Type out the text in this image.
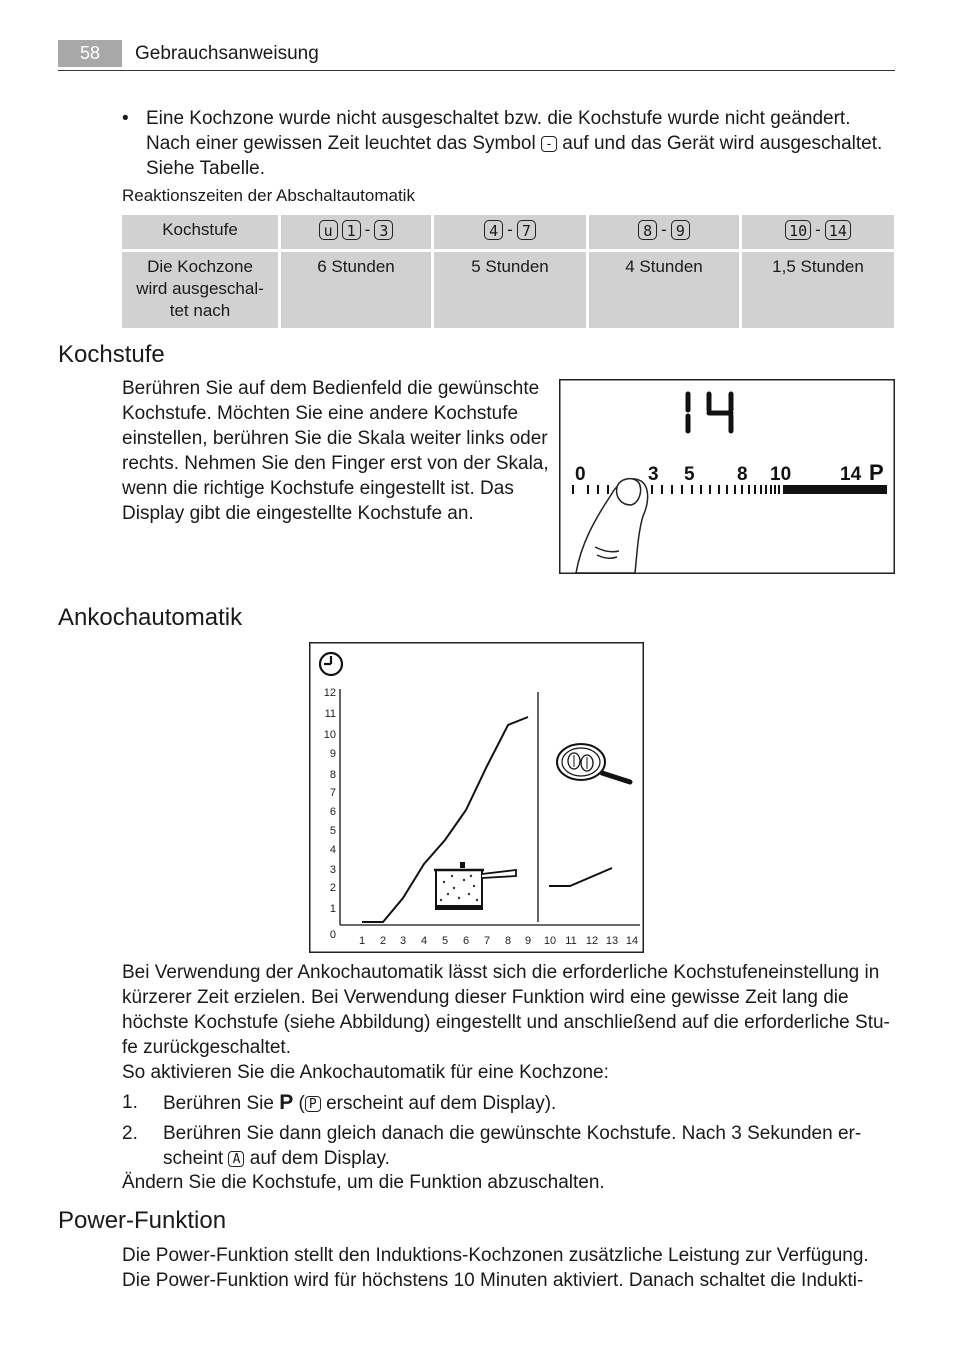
58	Gebrauchsanweisung
• Eine Kochzone wurde nicht ausgeschaltet bzw. die Kochstufe wurde nicht geändert.
Nach einer gewissen Zeit leuchtet das Symbol - auf und das Gerät wird ausgeschaltet.
Siehe Tabelle.
Reaktionszeiten der Abschaltautomatik
Kochstufe	u 1 - 3	4 - 7	8 - 9	10 - 14
Die Kochzone
wird ausgeschal-
tet nach
6 Stunden	5 Stunden	4 Stunden	1,5 Stunden
Kochstufe
Berühren Sie auf dem Bedienfeld die gewünschte
Kochstufe. Möchten Sie eine andere Kochstufe
einstellen, berühren Sie die Skala weiter links oder
rechts. Nehmen Sie den Finger erst von der Skala,
wenn die richtige Kochstufe eingestellt ist. Das
Display gibt die eingestellte Kochstufe an.
0	3 5 8 10	14 P
Ankochautomatik
0
1
2
3
4
5
6
7
8
9
10
11
12
1 2 3 4 5 6 7 8 9 10 11 12 13 14
Bei Verwendung der Ankochautomatik lässt sich die erforderliche Kochstufeneinstellung in
kürzerer Zeit erzielen. Bei Verwendung dieser Funktion wird eine gewisse Zeit lang die
höchste Kochstufe (siehe Abbildung) eingestellt und anschließend auf die erforderliche Stu-
fe zurückgeschaltet.
So aktivieren Sie die Ankochautomatik für eine Kochzone:
1. Berühren Sie P ( P erscheint auf dem Display).
2. Berühren Sie dann gleich danach die gewünschte Kochstufe. Nach 3 Sekunden er-
scheint A auf dem Display.
Ändern Sie die Kochstufe, um die Funktion abzuschalten.
Power-Funktion
Die Power-Funktion stellt den Induktions-Kochzonen zusätzliche Leistung zur Verfügung.
Die Power-Funktion wird für höchstens 10 Minuten aktiviert. Danach schaltet die Indukti-
